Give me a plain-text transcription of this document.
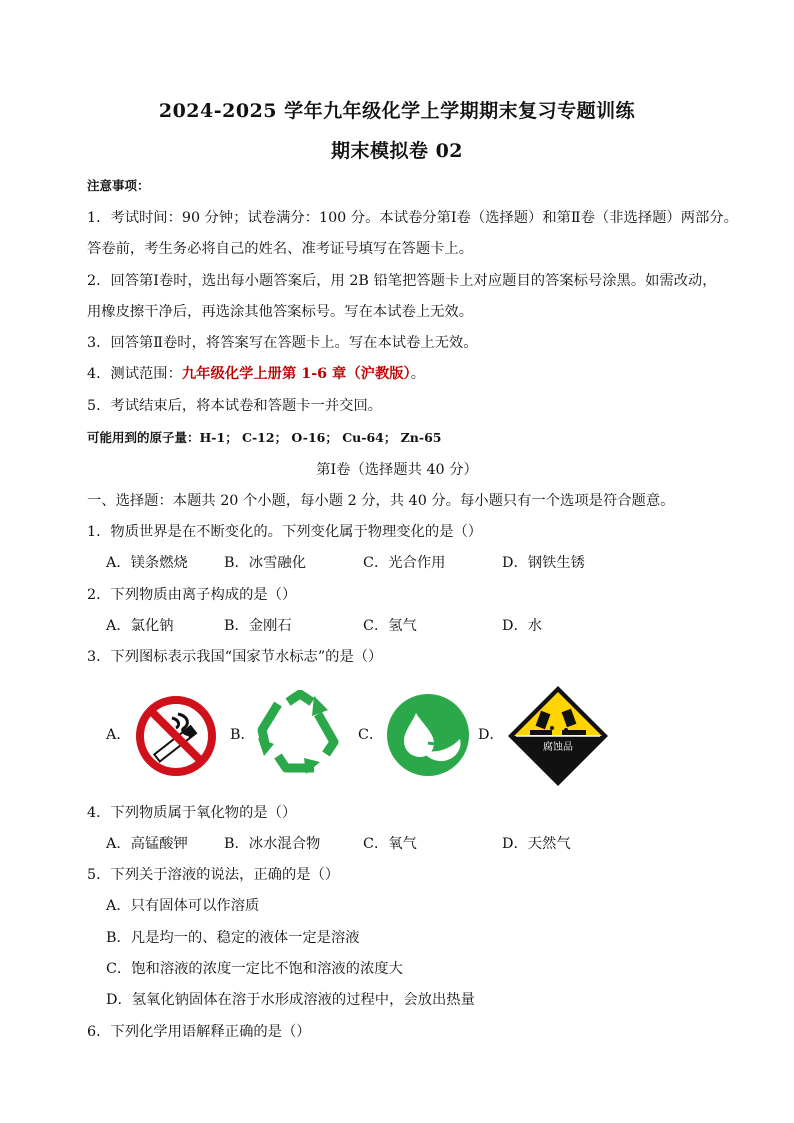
2024-2025 学年九年级化学上学期期末复习专题训练
期末模拟卷 02
注意事项：
1．考试时间：90 分钟；试卷满分：100 分。本试卷分第Ⅰ卷（选择题）和第Ⅱ卷（非选择题）两部分。
答卷前，考生务必将自己的姓名、准考证号填写在答题卡上。
2．回答第Ⅰ卷时，选出每小题答案后，用 2B 铅笔把答题卡上对应题目的答案标号涂黑。如需改动，
用橡皮擦干净后，再选涂其他答案标号。写在本试卷上无效。
3．回答第Ⅱ卷时，将答案写在答题卡上。写在本试卷上无效。
4．测试范围：九年级化学上册第 1-6 章（沪教版）。
5．考试结束后，将本试卷和答题卡一并交回。
可能用到的原子量：H-1； C-12； O-16； Cu-64； Zn-65
第Ⅰ卷（选择题共 40 分）
一、选择题：本题共 20 个小题，每小题 2 分，共 40 分。每小题只有一个选项是符合题意。
1．物质世界是在不断变化的。下列变化属于物理变化的是（）
A．镁条燃烧	B．冰雪融化	C．光合作用	D．钢铁生锈
2．下列物质由离子构成的是（）
A．氯化钠	B．金刚石	C．氢气	D．水
3．下列图标表示我国“国家节水标志”的是（）
A．	B．	C．	D．
腐蚀品
4．下列物质属于氧化物的是（）
A．高锰酸钾	B．冰水混合物	C．氧气	D．天然气
5．下列关于溶液的说法，正确的是（）
A．只有固体可以作溶质
B．凡是均一的、稳定的液体一定是溶液
C．饱和溶液的浓度一定比不饱和溶液的浓度大
D．氢氧化钠固体在溶于水形成溶液的过程中，会放出热量
6．下列化学用语解释正确的是（）
